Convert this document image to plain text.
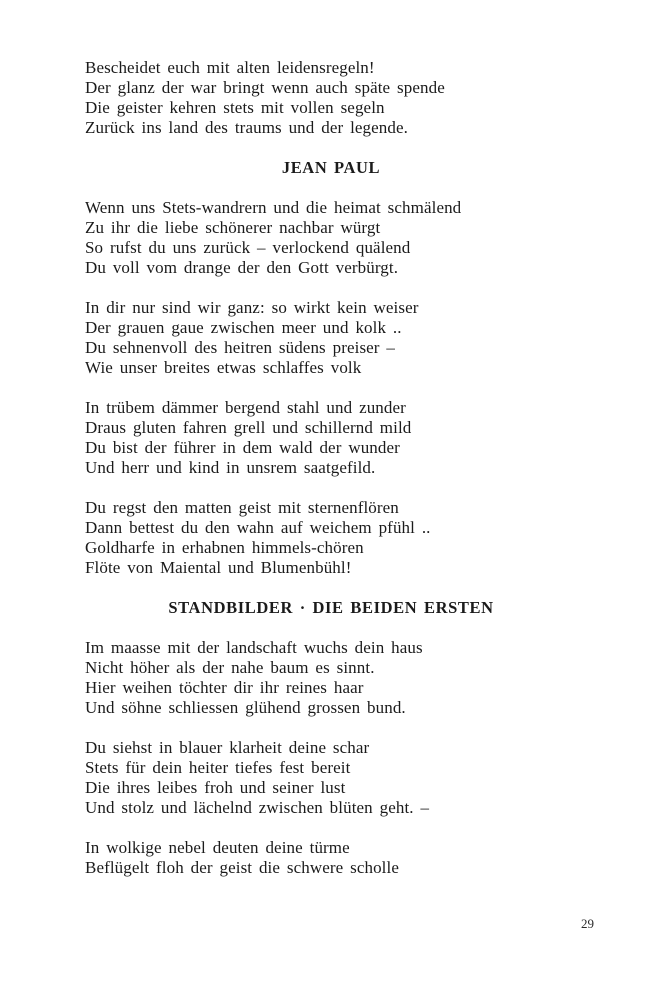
Bescheidet euch mit alten leidensregeln!
Der glanz der war bringt wenn auch späte spende
Die geister kehren stets mit vollen segeln
Zurück ins land des traums und der legende.
JEAN PAUL
Wenn uns Stets-wandrern und die heimat schmälend
Zu ihr die liebe schönerer nachbar würgt
So rufst du uns zurück – verlockend quälend
Du voll vom drange der den Gott verbürgt.
In dir nur sind wir ganz: so wirkt kein weiser
Der grauen gaue zwischen meer und kolk ..
Du sehnenvoll des heitren südens preiser –
Wie unser breites etwas schlaffes volk
In trübem dämmer bergend stahl und zunder
Draus gluten fahren grell und schillernd mild
Du bist der führer in dem wald der wunder
Und herr und kind in unsrem saatgefild.
Du regst den matten geist mit sternenflören
Dann bettest du den wahn auf weichem pfühl ..
Goldharfe in erhabnen himmels-chören
Flöte von Maiental und Blumenbühl!
STANDBILDER · DIE BEIDEN ERSTEN
Im maasse mit der landschaft wuchs dein haus
Nicht höher als der nahe baum es sinnt.
Hier weihen töchter dir ihr reines haar
Und söhne schliessen glühend grossen bund.
Du siehst in blauer klarheit deine schar
Stets für dein heiter tiefes fest bereit
Die ihres leibes froh und seiner lust
Und stolz und lächelnd zwischen blüten geht. –
In wolkige nebel deuten deine türme
Beflügelt floh der geist die schwere scholle
29
